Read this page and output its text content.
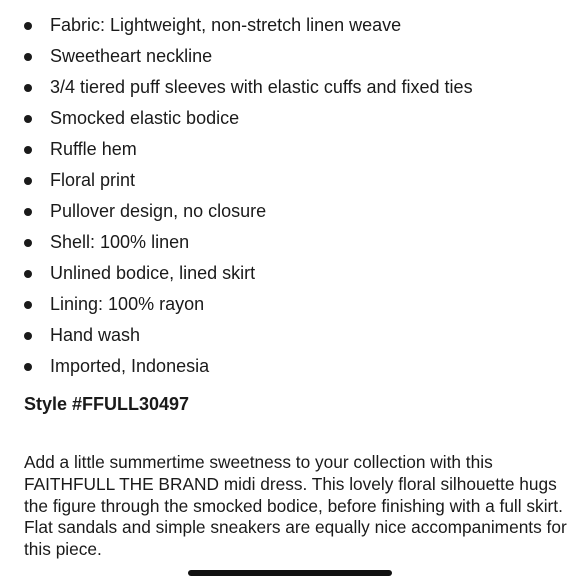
Fabric: Lightweight, non-stretch linen weave
Sweetheart neckline
3/4 tiered puff sleeves with elastic cuffs and fixed ties
Smocked elastic bodice
Ruffle hem
Floral print
Pullover design, no closure
Shell: 100% linen
Unlined bodice, lined skirt
Lining: 100% rayon
Hand wash
Imported, Indonesia

Style #FFULL30497

Add a little summertime sweetness to your collection with this FAITHFULL THE BRAND midi dress. This lovely floral silhouette hugs the figure through the smocked bodice, before finishing with a full skirt. Flat sandals and simple sneakers are equally nice accompaniments for this piece.
